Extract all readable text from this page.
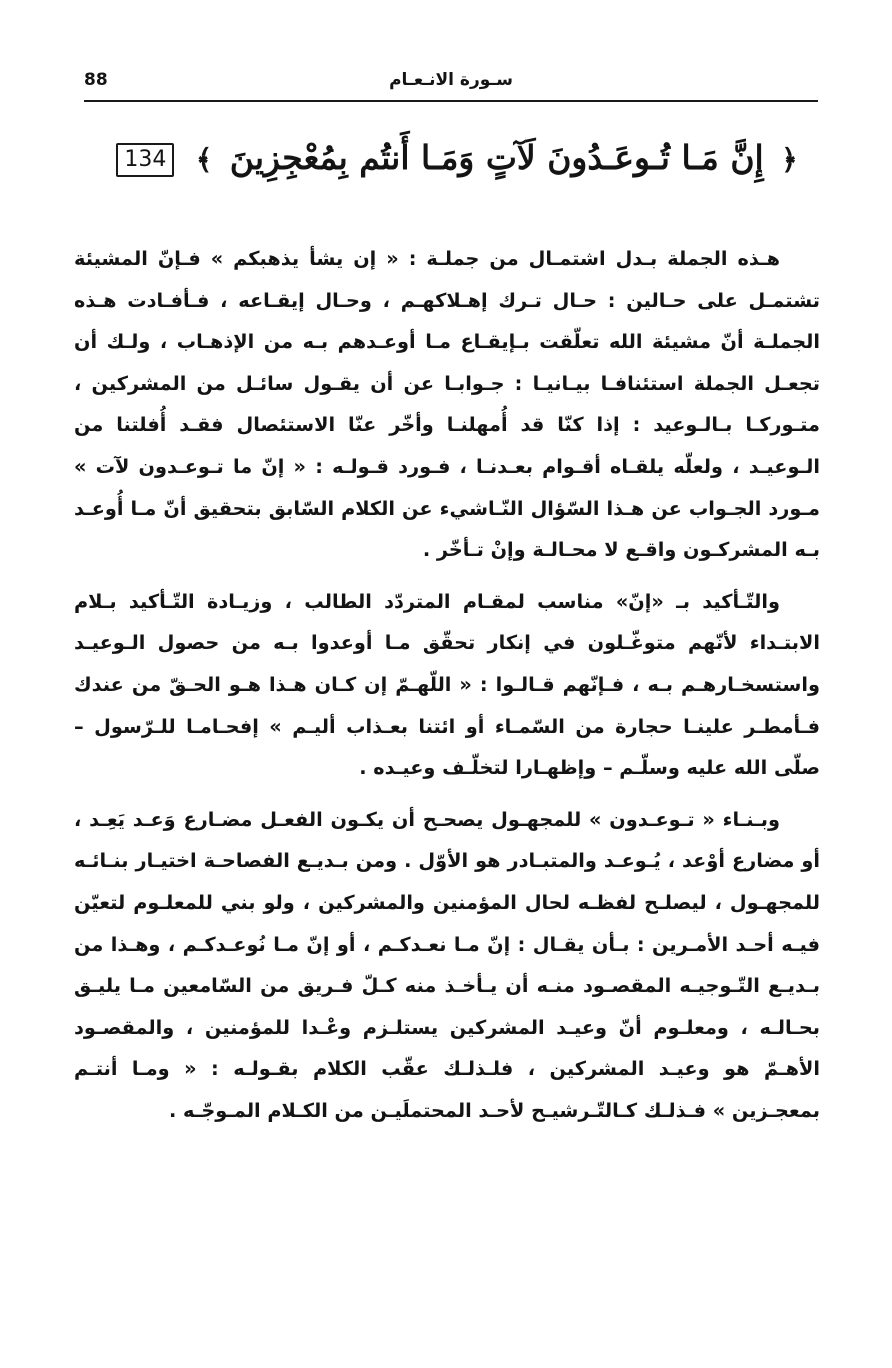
88	سـورة الانـعـام
﴿ إِنَّ مَـا تُـوعَـدُونَ لَآتٍ وَمَـا أَنتُم بِمُعْجِزِينَ ﴾ 134

هـذه الجملة بـدل اشتمـال من جملـة : « إن يشأ يذهبكم » فـإنّ المشيئة تشتمـل على حـالين : حـال تـرك إهـلاكهـم ، وحـال إيقـاعه ، فـأفـادت هـذه الجملـة أنّ مشيئة الله تعلّقت بـإيقـاع مـا أوعـدهم بـه من الإذهـاب ، ولـك أن تجعـل الجملة استئنافـا بيـانيـا : جـوابـا عن أن يقـول سائـل من المشركين ، متـوركـا بـالـوعيد : إذا كنّا قد أُمهلنـا وأخّر عنّا الاستئصال فقـد أُفلتنا من الـوعيـد ، ولعلّه يلقـاه أقـوام بعـدنـا ، فـورد قـولـه : « إنّ ما تـوعـدون لآت » مـورد الجـواب عن هـذا السّؤال النّـاشيء عن الكلام السّابق بتحقيق أنّ مـا أُوعـد بـه المشركـون واقـع لا محـالـة وإنْ تـأخّر .

والتّـأكيد بـ «إنّ» مناسب لمقـام المتردّد الطالب ، وزيـادة التّـأكيد بـلام الابتـداء لأنّهم متوغّـلون في إنكار تحقّق مـا أوعدوا بـه من حصول الـوعيـد واستسخـارهـم بـه ، فـإنّهم قـالـوا : « اللّهـمّ إن كـان هـذا هـو الحـقّ من عندك فـأمطـر علينـا حجارة من السّمـاء أو ائتنا بعـذاب أليـم » إفحـامـا للـرّسول – صلّى الله عليه وسلّـم – وإظهـارا لتخلّـف وعيـده .

وبـنـاء « تـوعـدون » للمجهـول يصحـح أن يكـون الفعـل مضـارع وَعـد يَعِـد ، أو مضارع أوْعد ، يُـوعـد والمتبـادر هو الأوّل . ومن بـديـع الفصاحـة اختيـار بنـائـه للمجهـول ، ليصلـح لفظـه لحال المؤمنين والمشركين ، ولو بني للمعلـوم لتعيّن فيـه أحـد الأمـرين : بـأن يقـال : إنّ مـا نعـدكـم ، أو إنّ مـا نُوعـدكـم ، وهـذا من بـديـع التّـوجيـه المقصـود منـه أن يـأخـذ منه كـلّ فـريق من السّامعين مـا يليـق بحـالـه ، ومعلـوم أنّ وعيـد المشركين يستلـزم وعْـدا للمؤمنين ، والمقصـود الأهـمّ هو وعيـد المشركين ، فلـذلـك عقّب الكلام بقـولـه : « ومـا أنتـم بمعجـزين » فـذلـك كـالتّـرشيـح لأحـد المحتملَيـن من الكـلام المـوجّـه .
